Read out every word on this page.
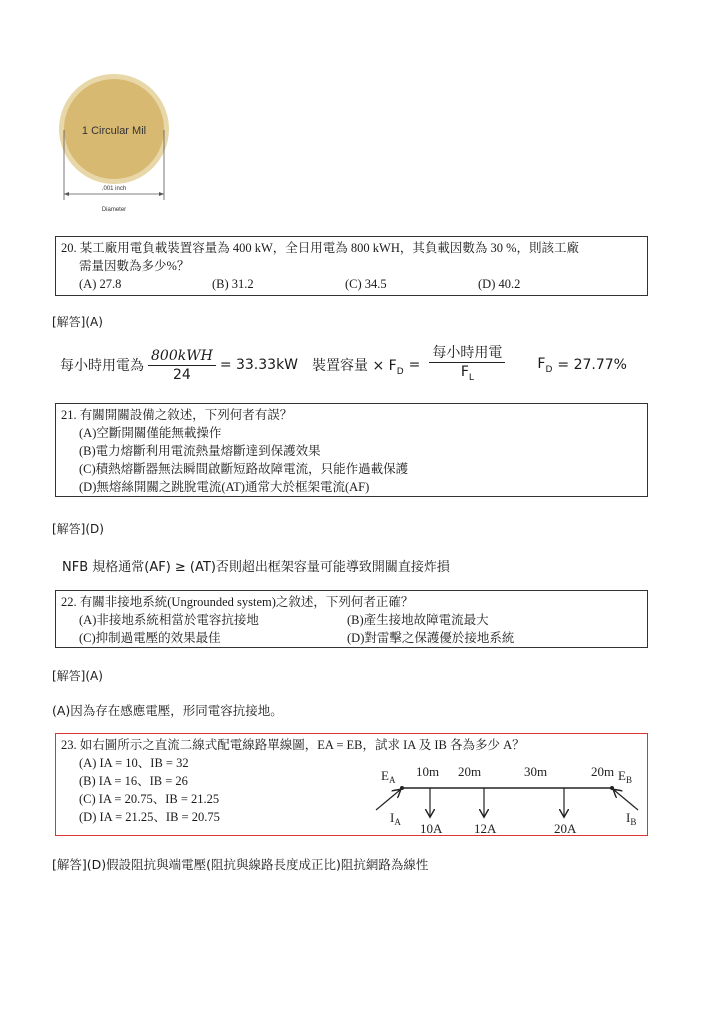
1 Circular Mil
.001 inch
Diameter
20. 某工廠用電負載裝置容量為 400 kW，全日用電為 800 kWH，其負載因數為 30 %，則該工廠
需量因數為多少%？
(A) 27.8	(B) 31.2	(C) 34.5	(D) 40.2
[解答](A)
每小時用電為 $\frac{\text{800kWH}}{24} = 33.33kW$ 裝置容量 × $F_D = \frac{\text{每小時用電}}{F_L} F_D = 27.77\%$
21. 有關開關設備之敘述，下列何者有誤？
(A)空斷開關僅能無載操作
(B)電力熔斷利用電流熱量熔斷達到保護效果
(C)積熱熔斷器無法瞬間啟斷短路故障電流，只能作過載保護
(D)無熔絲開關之跳脫電流(AT)通常大於框架電流(AF)
[解答](D)
NFB 規格通常(AF) ≥ (AT)否則超出框架容量可能導致開關直接炸損
22. 有關非接地系統(Ungrounded system)之敘述，下列何者正確？
(A)非接地系統相當於電容抗接地	(B)產生接地故障電流最大
(C)抑制過電壓的效果最佳	(D)對雷擊之保護優於接地系統
[解答](A)
(A)因為存在感應電壓，形同電容抗接地。
23. 如右圖所示之直流二線式配電線路單線圖，EA = EB，試求 IA 及 IB 各為多少 A？
(A) IA = 10、IB = 32
(B) IA = 16、IB = 26
(C) IA = 20.75、IB = 21.25
(D) IA = 21.25、IB = 20.75
$E_A$	$E_B$
$I_A$	$I_B$
10m 20m	30m	20m
10A 12A	20A
[解答](D)假設阻抗與端電壓(阻抗與線路長度成正比)阻抗網路為線性
